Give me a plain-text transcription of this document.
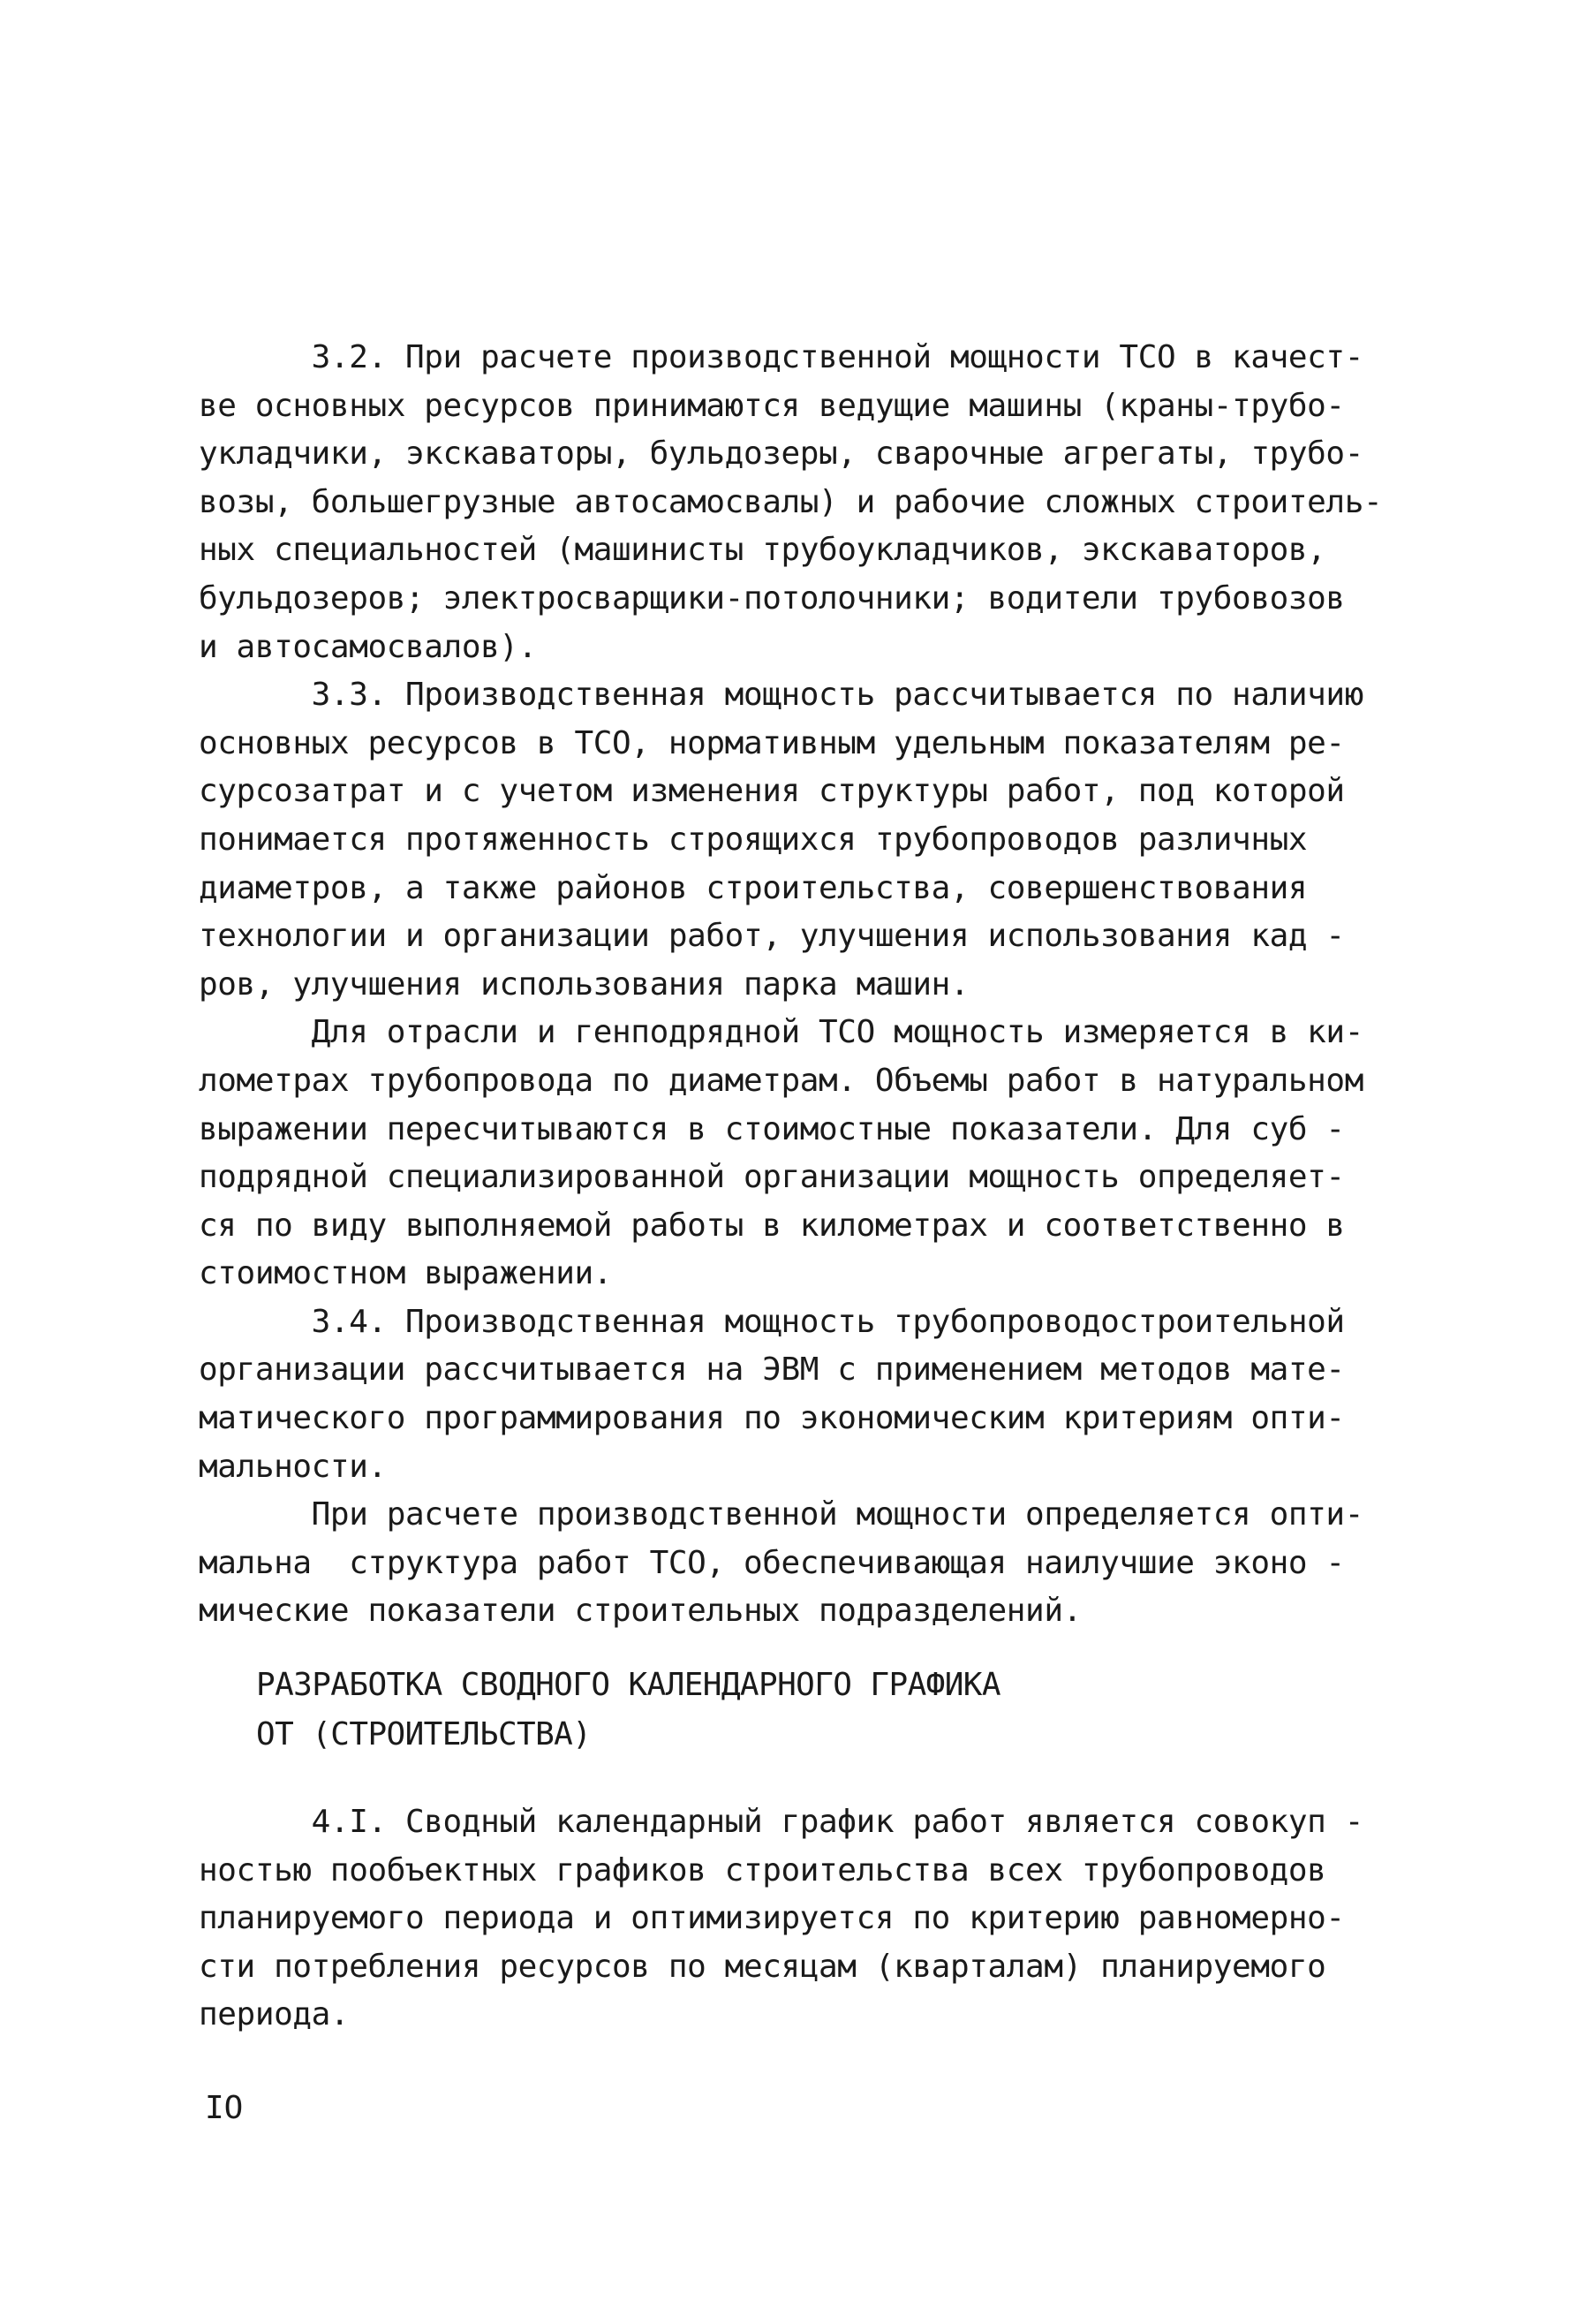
3.2. При расчете производственной мощности ТСО в качест-
ве основных ресурсов принимаются ведущие машины (краны-трубо-
укладчики, экскаваторы, бульдозеры, сварочные агрегаты, трубо-
возы, большегрузные автосамосвалы) и рабочие сложных строитель-
ных специальностей (машинисты трубоукладчиков, экскаваторов,
бульдозеров; электросварщики-потолочники; водители трубовозов
и автосамосвалов).
3.3. Производственная мощность рассчитывается по наличию
основных ресурсов в ТСО, нормативным удельным показателям ре-
сурсозатрат и с учетом изменения структуры работ, под которой
понимается протяженность строящихся трубопроводов различных
диаметров, а также районов строительства, совершенствования
технологии и организации работ, улучшения использования кад -
ров, улучшения использования парка машин.
Для отрасли и генподрядной ТСО мощность измеряется в ки-
лометрах трубопровода по диаметрам. Объемы работ в натуральном
выражении пересчитываются в стоимостные показатели. Для суб -
подрядной специализированной организации мощность определяет-
ся по виду выполняемой работы в километрах и соответственно в
стоимостном выражении.
3.4. Производственная мощность трубопроводостроительной
организации рассчитывается на ЭВМ с применением методов мате-
матического программирования по экономическим критериям опти-
мальности.
При расчете производственной мощности определяется опти-
мальна  структура работ ТСО, обеспечивающая наилучшие эконо -
мические показатели строительных подразделений.
РАЗРАБОТКА СВОДНОГО КАЛЕНДАРНОГО ГРАФИКА
ОТ (СТРОИТЕЛЬСТВА)
4.I. Сводный календарный график работ является совокуп -
ностью пообъектных графиков строительства всех трубопроводов
планируемого периода и оптимизируется по критерию равномерно-
сти потребления ресурсов по месяцам (кварталам) планируемого
периода.
IO
